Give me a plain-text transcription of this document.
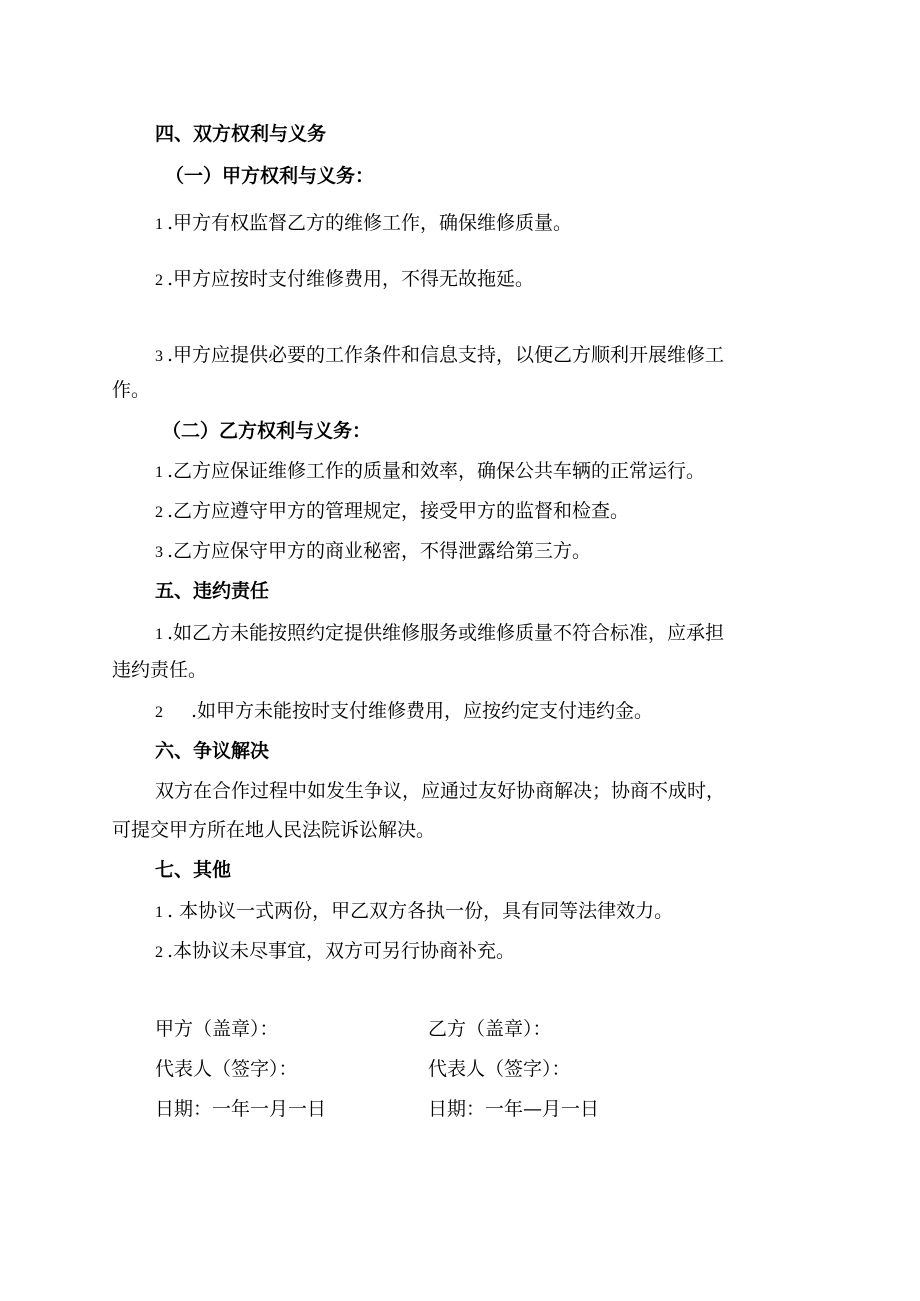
四、双方权利与义务
（一）甲方权利与义务：
1 .甲方有权监督乙方的维修工作，确保维修质量。
2 .甲方应按时支付维修费用，不得无故拖延。
3 .甲方应提供必要的工作条件和信息支持，以便乙方顺利开展维修工
作。
（二）乙方权利与义务：
1 .乙方应保证维修工作的质量和效率，确保公共车辆的正常运行。
2 .乙方应遵守甲方的管理规定，接受甲方的监督和检查。
3 .乙方应保守甲方的商业秘密，不得泄露给第三方。
五、违约责任
1 .如乙方未能按照约定提供维修服务或维修质量不符合标准，应承担
违约责任。
2 .如甲方未能按时支付维修费用，应按约定支付违约金。
六、争议解决
双方在合作过程中如发生争议，应通过友好协商解决；协商不成时，
可提交甲方所在地人民法院诉讼解决。
七、其他
1 . 本协议一式两份，甲乙双方各执一份，具有同等法律效力。
2 .本协议未尽事宜，双方可另行协商补充。
甲方（盖章）：	乙方（盖章）：
代表人（签字）：	代表人（签字）：
日期：一年一月一日	日期：一年—月一日
